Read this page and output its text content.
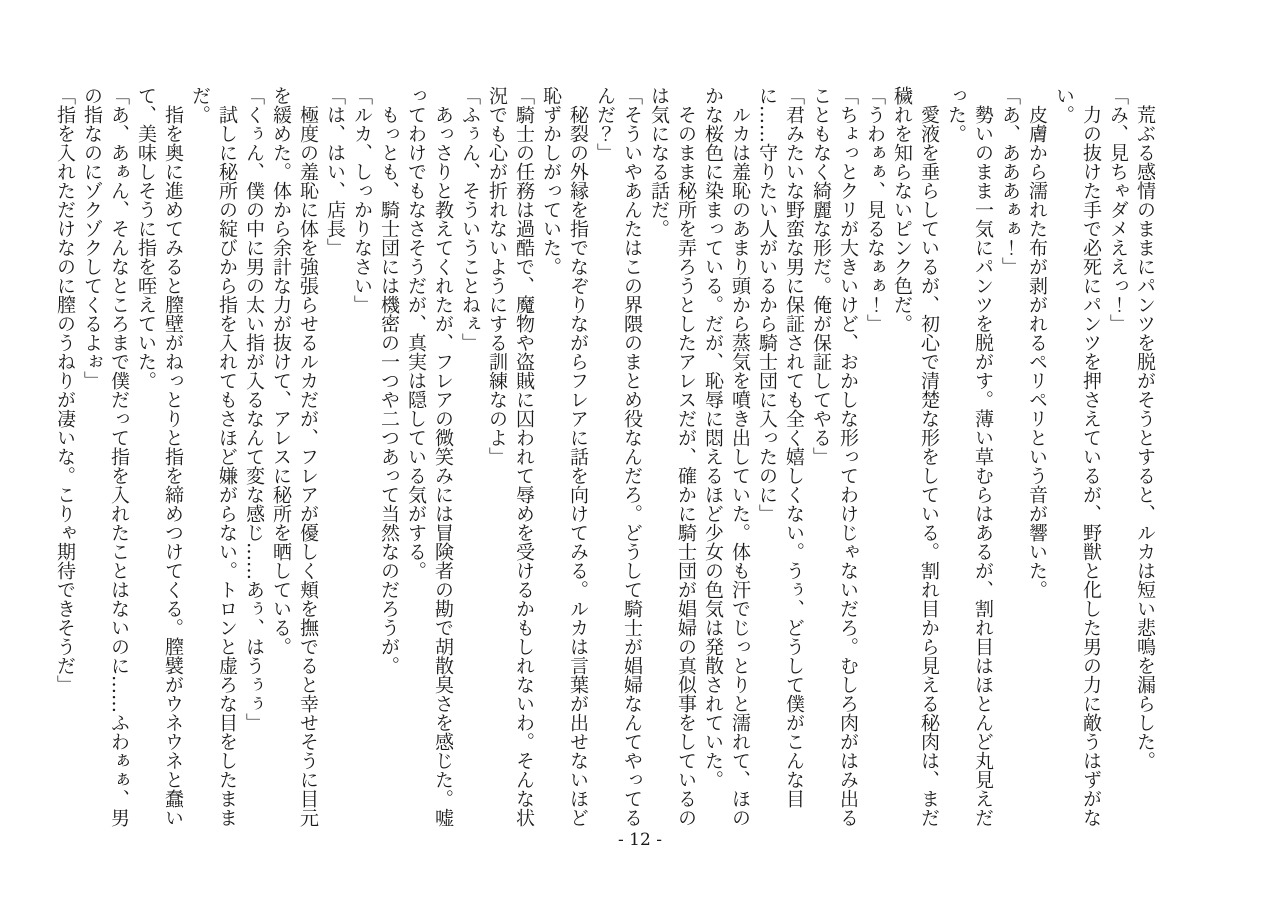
荒ぶる感情のままにパンツを脱がそうとすると、ルカは短い悲鳴を漏らした。

「み、見ちゃダメええっ！」

力の抜けた手で必死にパンツを押さえているが、野獣と化した男の力に敵うはずがない。

皮膚から濡れた布が剥がれるペリペリという音が響いた。

「あ、あああぁぁ！」

勢いのまま一気にパンツを脱がす。薄い草むらはあるが、割れ目はほとんど丸見えだった。

愛液を垂らしているが、初心で清楚な形をしている。割れ目から見える秘肉は、まだ穢れを知らないピンク色だ。

「うわぁぁ、見るなぁぁ！」

「ちょっとクリが大きいけど、おかしな形ってわけじゃないだろ。むしろ肉がはみ出ることもなく綺麗な形だ。俺が保証してやる」

「君みたいな野蛮な男に保証されても全く嬉しくない。うぅ、どうして僕がこんな目に……守りたい人がいるから騎士団に入ったのに」

ルカは羞恥のあまり頭から蒸気を噴き出していた。体も汗でじっとりと濡れて、ほのかな桜色に染まっている。だが、恥辱に悶えるほど少女の色気は発散されていた。

そのまま秘所を弄ろうとしたアレスだが、確かに騎士団が娼婦の真似事をしているのは気になる話だ。

「そういやあんたはこの界隈のまとめ役なんだろ。どうして騎士が娼婦なんてやってるんだ？」

秘裂の外縁を指でなぞりながらフレアに話を向けてみる。ルカは言葉が出せないほど恥ずかしがっていた。

「騎士の任務は過酷で、魔物や盗賊に囚われて辱めを受けるかもしれないわ。そんな状況でも心が折れないようにする訓練なのよ」

「ふぅん、そういうことねぇ」

あっさりと教えてくれたが、フレアの微笑みには冒険者の勘で胡散臭さを感じた。嘘ってわけでもなさそうだが、真実は隠している気がする。

もっとも、騎士団には機密の一つや二つあって当然なのだろうが。

「ルカ、しっかりなさい」

「は、はい、店長」

極度の羞恥に体を強張らせるルカだが、フレアが優しく頬を撫でると幸せそうに目元を緩めた。体から余計な力が抜けて、アレスに秘所を晒している。

「くぅん、僕の中に男の太い指が入るなんて変な感じ……あぅ、はうぅぅ」

試しに秘所の綻びから指を入れてもさほど嫌がらない。トロンと虚ろな目をしたままだ。

指を奥に進めてみると膣壁がねっとりと指を締めつけてくる。膣襞がウネウネと蠢いて、美味しそうに指を咥えていた。

「あ、あぁん、そんなところまで僕だって指を入れたことはないのに……ふわぁぁ、男の指なのにゾクゾクしてくるよぉ」

「指を入れただけなのに膣のうねりが凄いな。こりゃ期待できそうだ」

- 12 -
